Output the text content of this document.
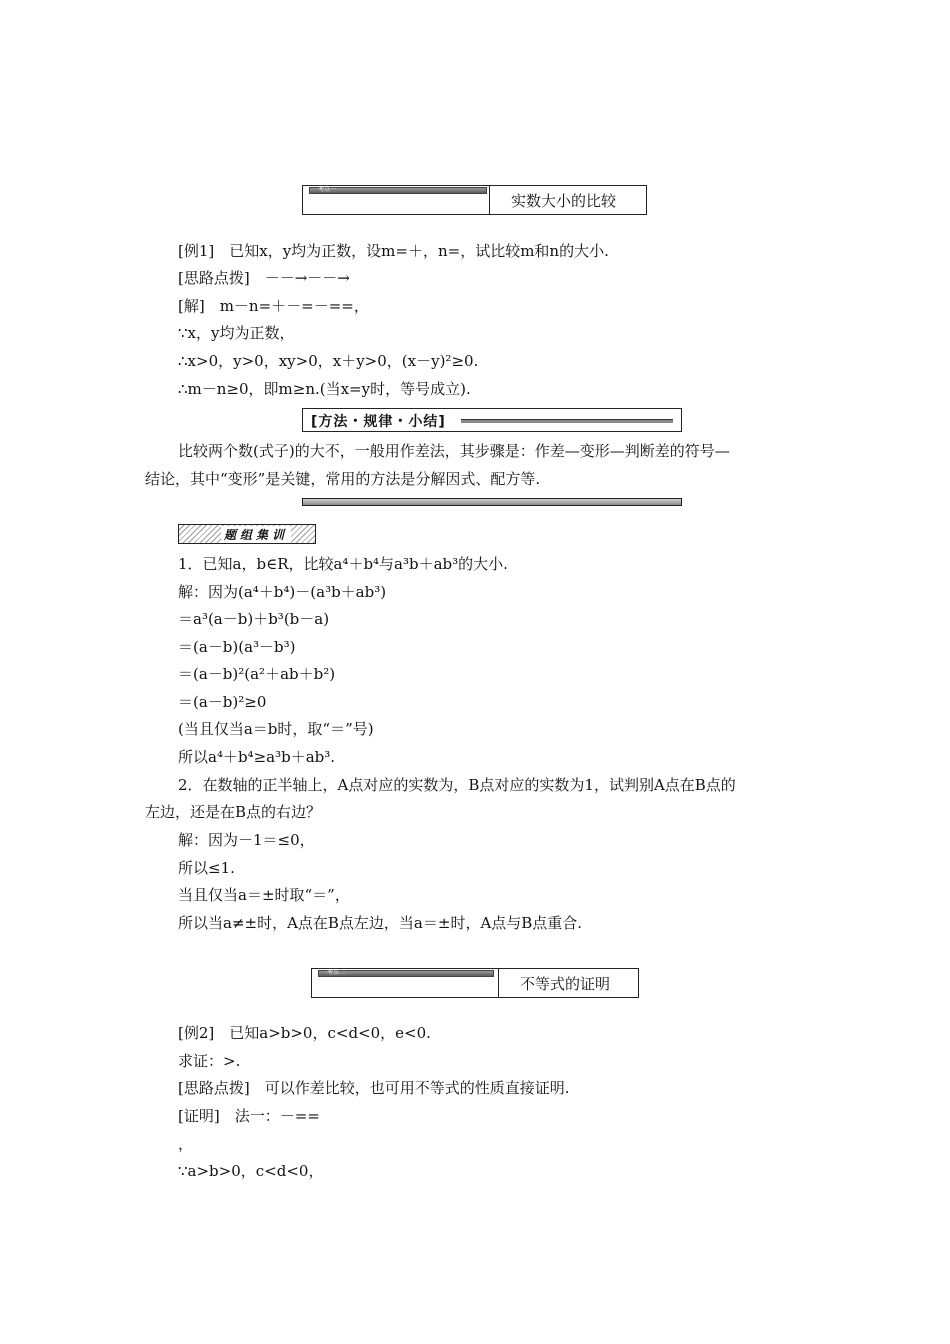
考点一
实数大小的比较
[例1]　已知x，y均为正数，设m=＋，n=，试比较m和n的大小.
[思路点拨]　－－→－－→
[解]　m－n=＋－=－==，
∵x，y均为正数，
∴x>0，y>0，xy>0，x＋y>0，(x－y)²≥0.
∴m－n≥0，即m≥n.(当x=y时，等号成立).
[方法・规律・小结]
比较两个数(式子)的大不，一般用作差法，其步骤是：作差—变形—判断差的符号—
结论，其中“变形”是关键，常用的方法是分解因式、配方等.
题组集训
1．已知a，b∈R，比较a⁴＋b⁴与a³b＋ab³的大小.
解：因为(a⁴＋b⁴)－(a³b＋ab³)
＝a³(a－b)＋b³(b－a)
＝(a－b)(a³－b³)
＝(a－b)²(a²＋ab＋b²)
＝(a－b)²≥0
(当且仅当a＝b时，取“＝”号)
所以a⁴＋b⁴≥a³b＋ab³.
2．在数轴的正半轴上，A点对应的实数为，B点对应的实数为1，试判别A点在B点的
左边，还是在B点的右边？
解：因为－1＝≤0，
所以≤1.
当且仅当a＝±时取“＝”，
所以当a≠±时，A点在B点左边，当a＝±时，A点与B点重合.
考点二
不等式的证明
[例2]　已知a>b>0，c<d<0，e<0.
求证：>.
[思路点拨]　可以作差比较，也可用不等式的性质直接证明.
[证明]　法一：－==
，
∵a>b>0，c<d<0，
